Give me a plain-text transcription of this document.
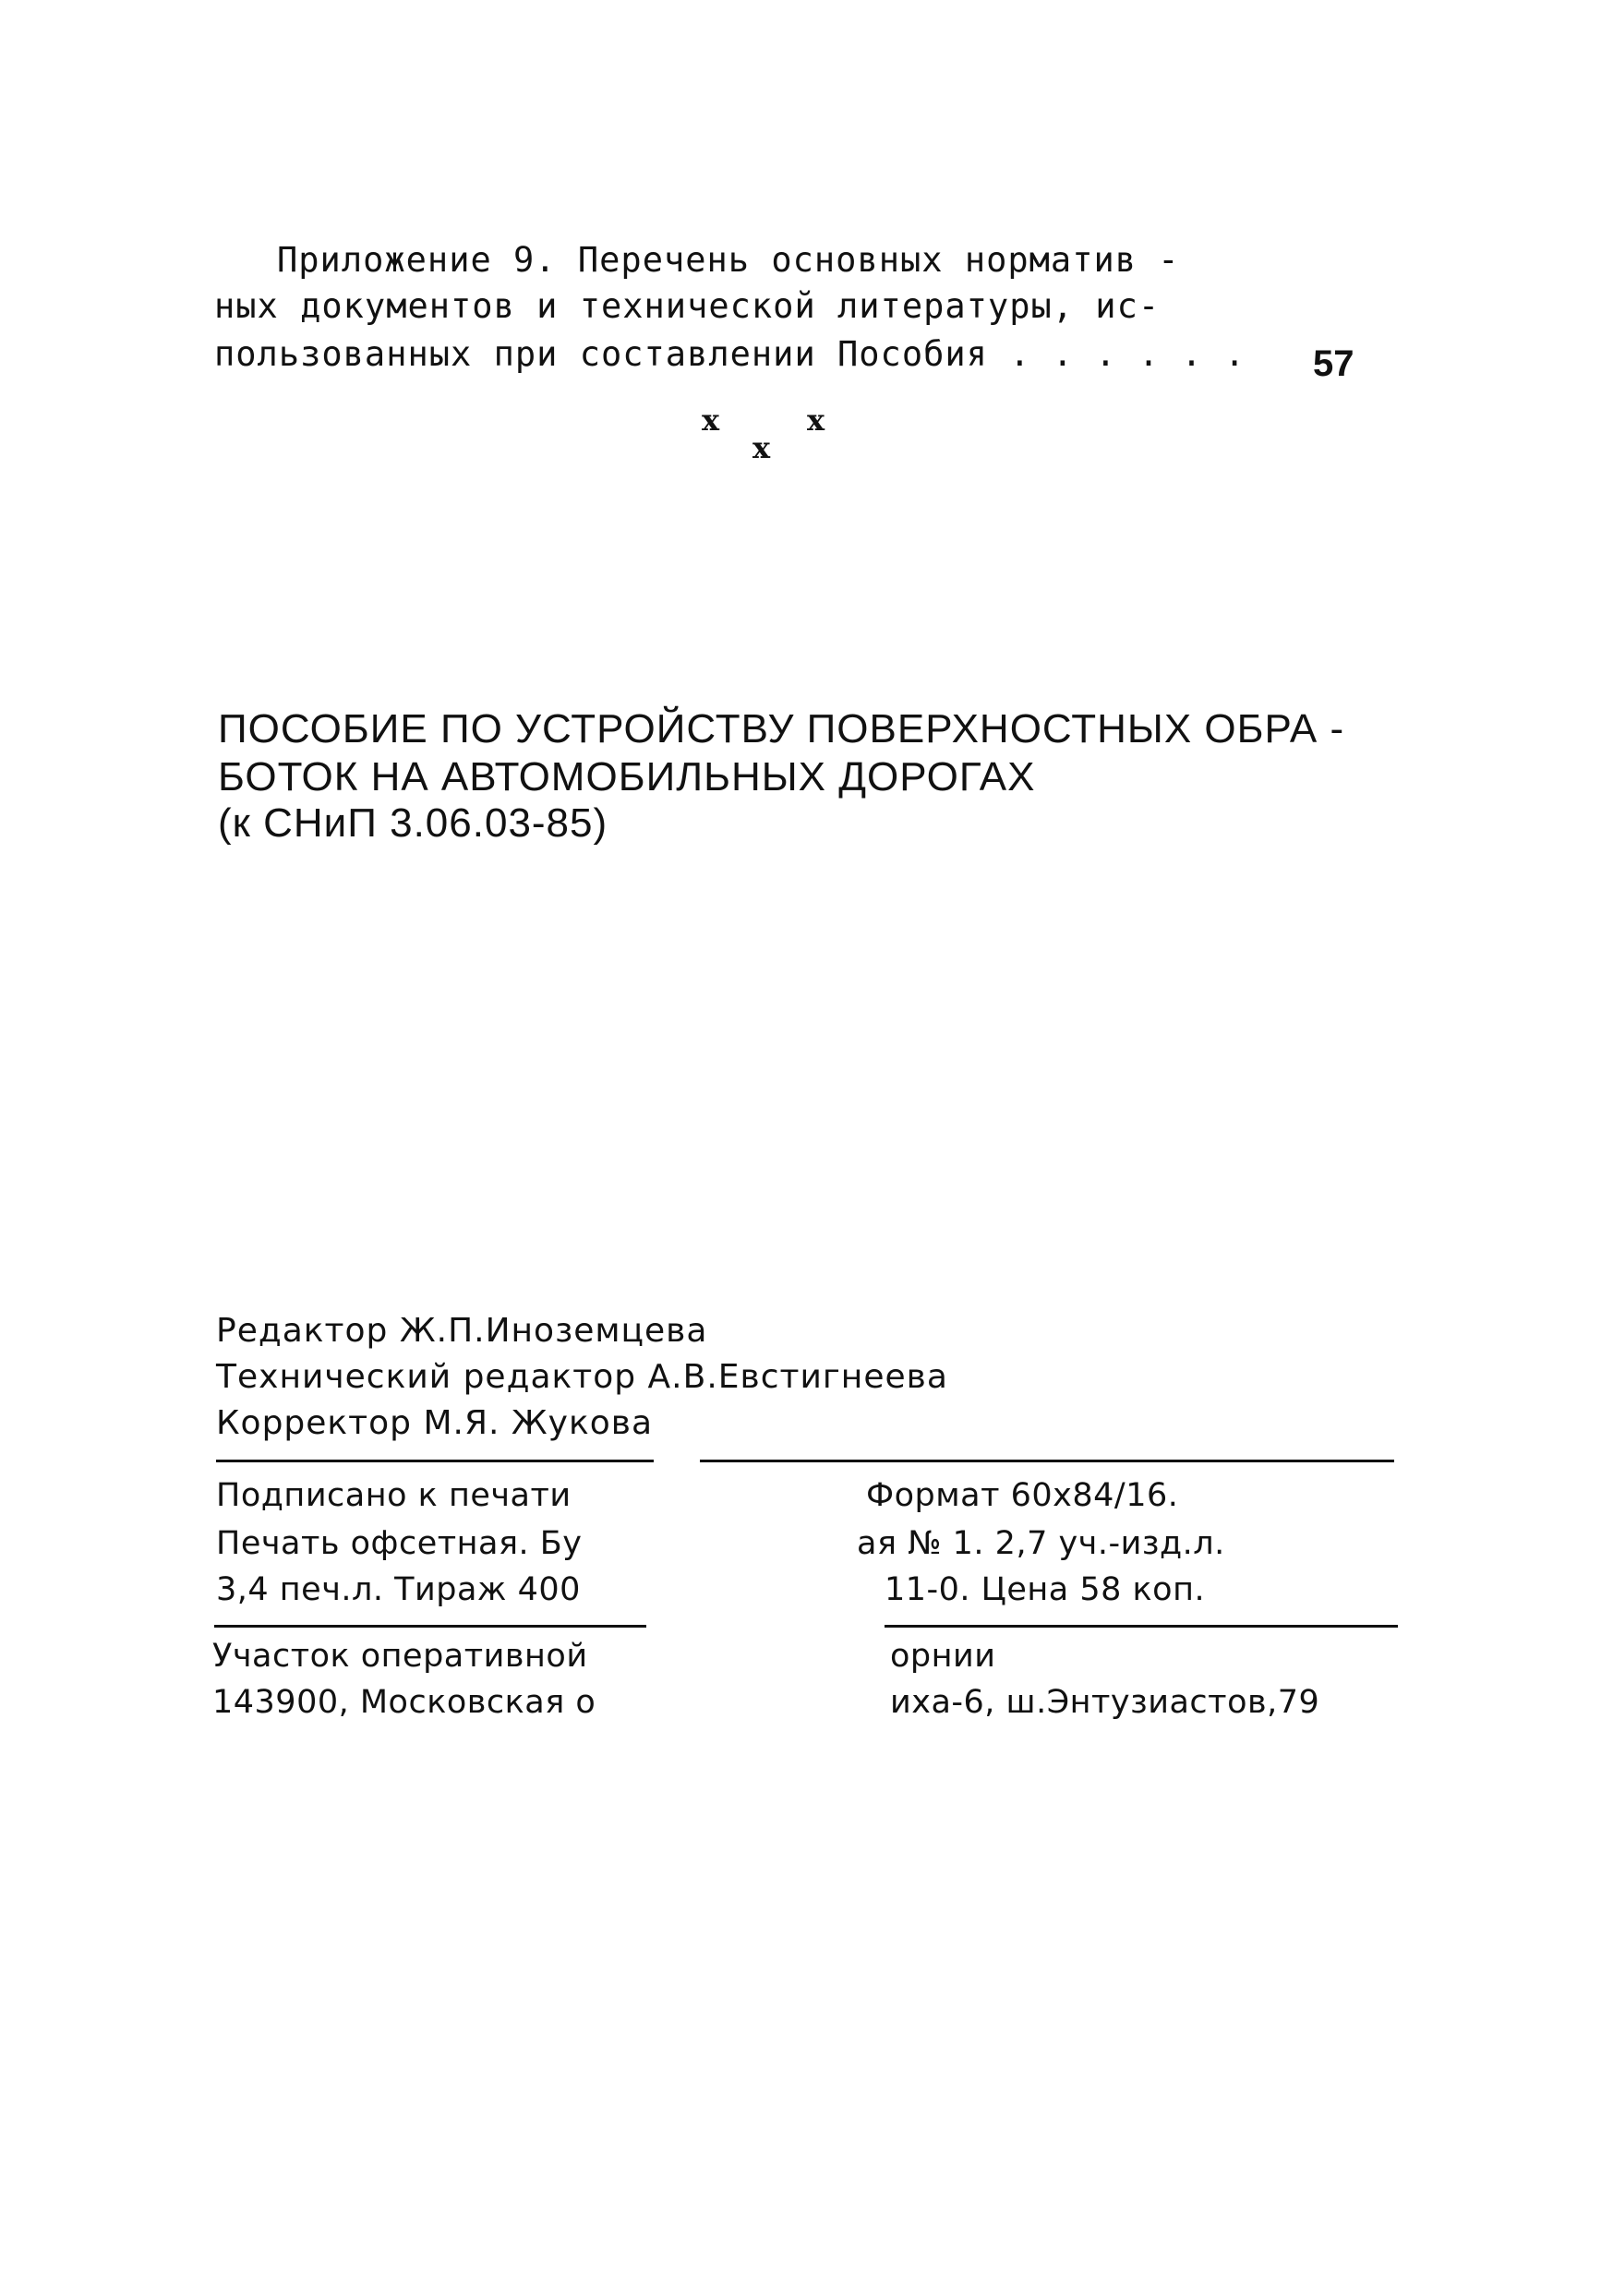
Приложение 9. Перечень основных норматив -
ных документов и технической литературы, ис-
пользованных при составлении Пособия . . . . . . 57
х
х
х
ПОСОБИЕ ПО УСТРОЙСТВУ ПОВЕРХНОСТНЫХ ОБРА -
БОТОК НА АВТОМОБИЛЬНЫХ ДОРОГАХ
(к СНиП 3.06.03-85)
Редактор Ж.П.Иноземцева
Технический редактор А.В.Евстигнеева
Корректор М.Я. Жукова
Подписано к печати
Печать офсетная. Бу
3,4 печ.л. Тираж 400
Формат 60х84/16.
ая № 1. 2,7 уч.-изд.л.
11-0. Цена 58 коп.
Участок оперативной
143900, Московская о
орнии
иха-6, ш.Энтузиастов,79
